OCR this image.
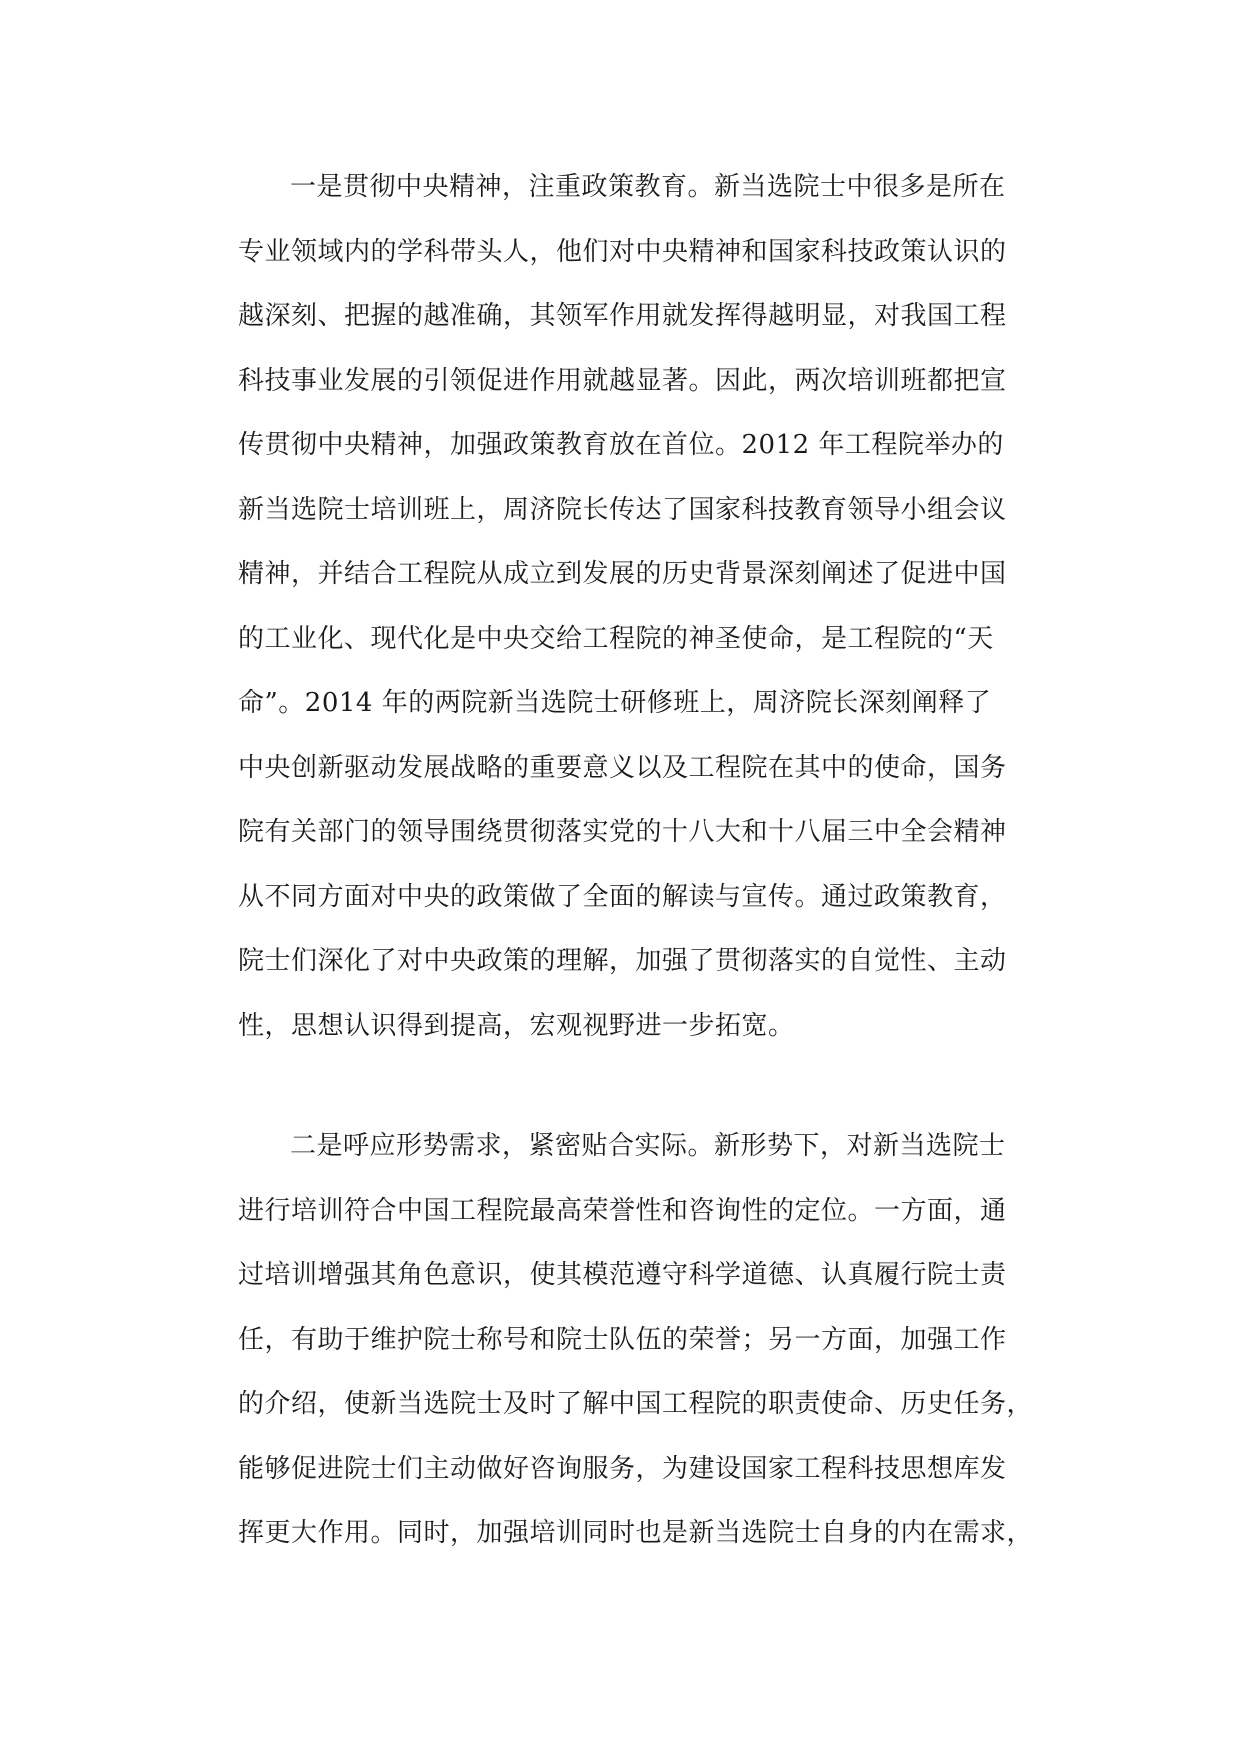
一是贯彻中央精神，注重政策教育。新当选院士中很多是所在
专业领域内的学科带头人，他们对中央精神和国家科技政策认识的
越深刻、把握的越准确，其领军作用就发挥得越明显，对我国工程
科技事业发展的引领促进作用就越显著。因此，两次培训班都把宣
传贯彻中央精神，加强政策教育放在首位。2012 年工程院举办的
新当选院士培训班上，周济院长传达了国家科技教育领导小组会议
精神，并结合工程院从成立到发展的历史背景深刻阐述了促进中国
的工业化、现代化是中央交给工程院的神圣使命，是工程院的“天
命”。2014 年的两院新当选院士研修班上，周济院长深刻阐释了
中央创新驱动发展战略的重要意义以及工程院在其中的使命，国务
院有关部门的领导围绕贯彻落实党的十八大和十八届三中全会精神
从不同方面对中央的政策做了全面的解读与宣传。通过政策教育，
院士们深化了对中央政策的理解，加强了贯彻落实的自觉性、主动
性，思想认识得到提高，宏观视野进一步拓宽。
二是呼应形势需求，紧密贴合实际。新形势下，对新当选院士
进行培训符合中国工程院最高荣誉性和咨询性的定位。一方面，通
过培训增强其角色意识，使其模范遵守科学道德、认真履行院士责
任，有助于维护院士称号和院士队伍的荣誉；另一方面，加强工作
的介绍，使新当选院士及时了解中国工程院的职责使命、历史任务，
能够促进院士们主动做好咨询服务，为建设国家工程科技思想库发
挥更大作用。同时，加强培训同时也是新当选院士自身的内在需求，
